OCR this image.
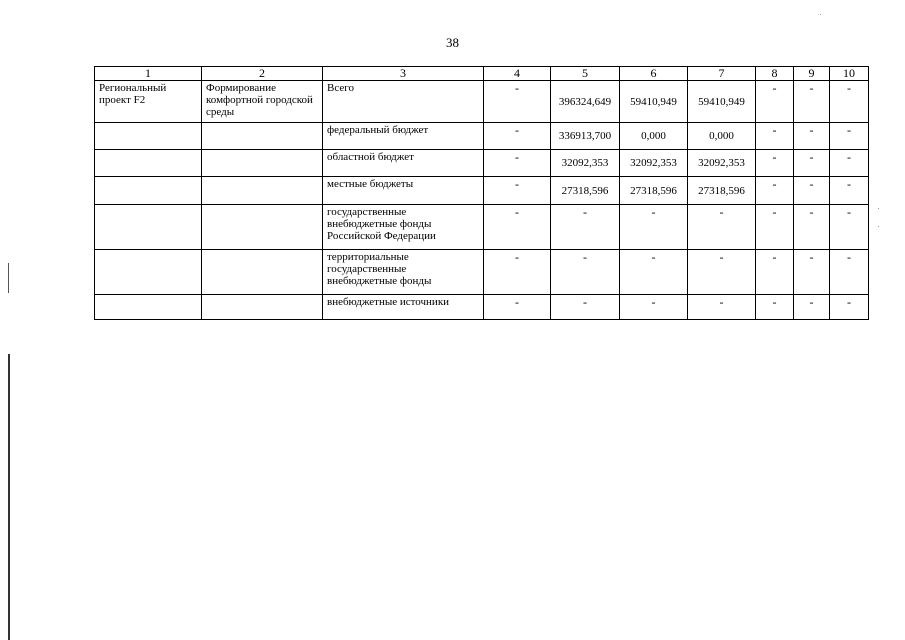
38
1	2	3	4	5	6	7	8	9	10
Региональный проект F2	Формирование комфортной городской среды	Всего	-	396324,649	59410,949	59410,949	-	-	-
		федеральный бюджет	-	336913,700	0,000	0,000	-	-	-
		областной бюджет	-	32092,353	32092,353	32092,353	-	-	-
		местные бюджеты	-	27318,596	27318,596	27318,596	-	-	-
		государственные внебюджетные фонды Российской Федерации	-	-	-	-	-	-	-
		территориальные государственные внебюджетные фонды	-	-	-	-	-	-	-
		внебюджетные источники	-	-	-	-	-	-	-
